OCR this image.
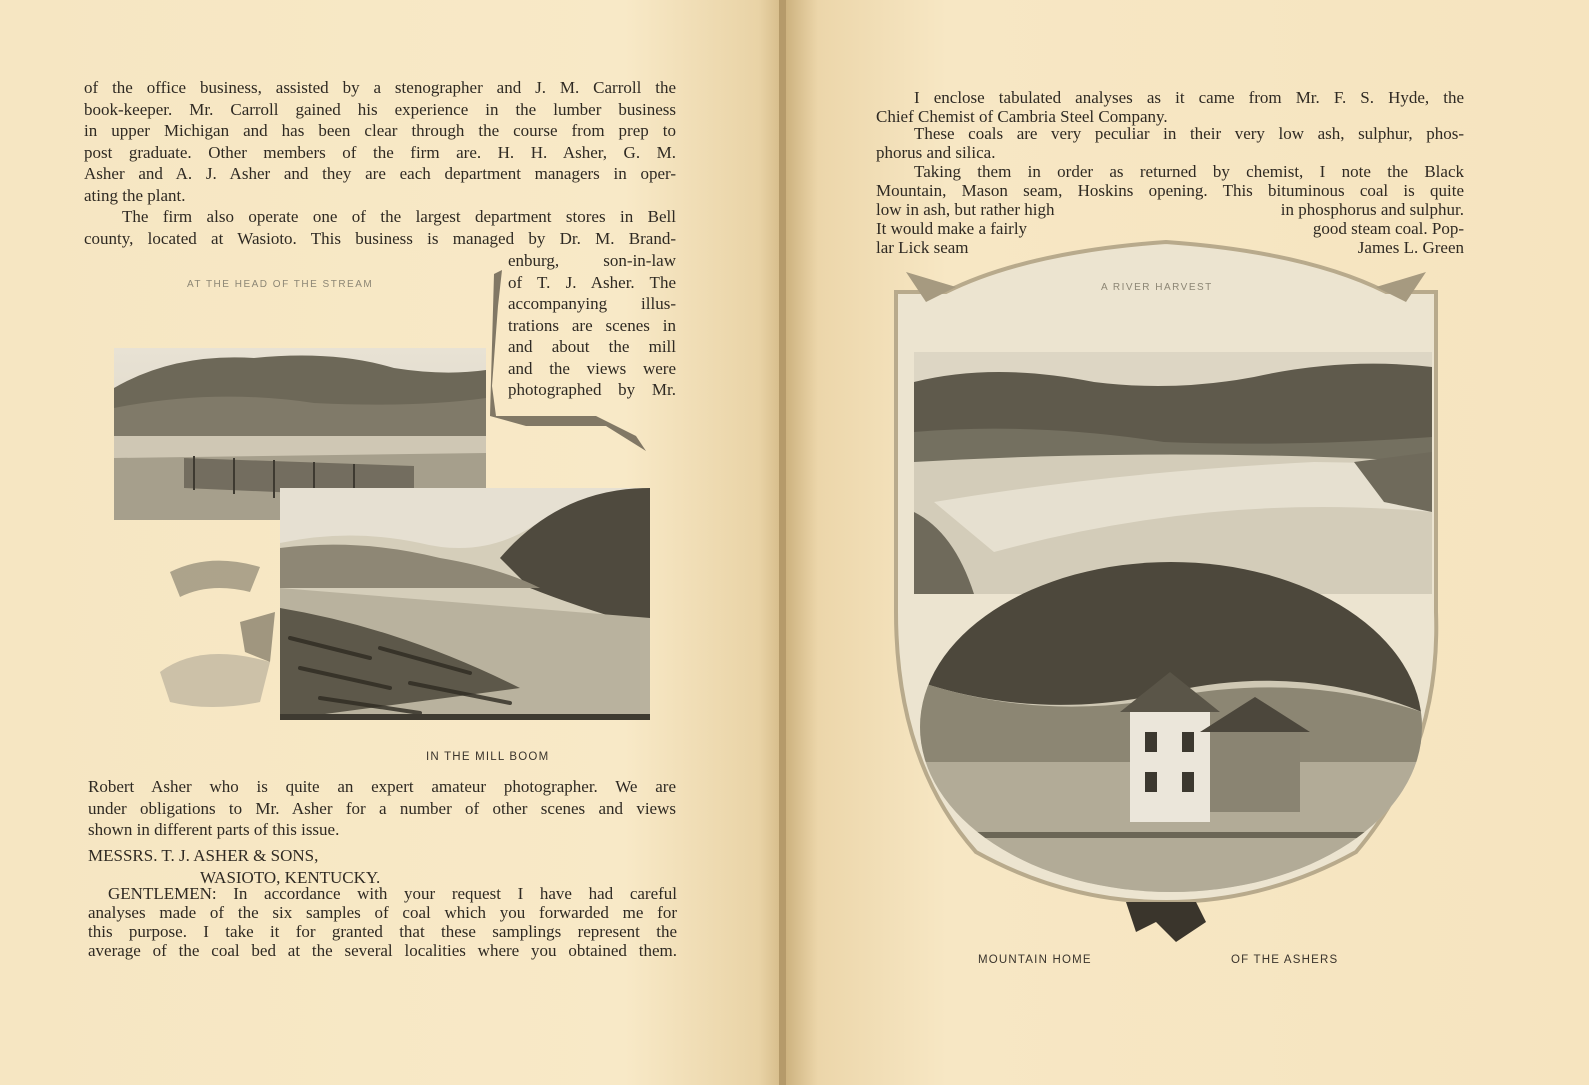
of the office business, assisted by a stenographer and J. M. Carroll the
book-keeper. Mr. Carroll gained his experience in the lumber business
in upper Michigan and has been clear through the course from prep to
post graduate. Other members of the firm are. H. H. Asher, G. M.
Asher and A. J. Asher and they are each department managers in oper-
ating the plant.
The firm also operate one of the largest department stores in Bell
county, located at Wasioto. This business is managed by Dr. M. Brand-
enburg, son-in-law
of T. J. Asher. The
accompanying illus-
trations are scenes in
and about the mill
and the views were
photographed by Mr.
AT THE HEAD OF THE STREAM
IN THE MILL BOOM
Robert Asher who is quite an expert amateur photographer. We are
under obligations to Mr. Asher for a number of other scenes and views
shown in different parts of this issue.
MESSRS. T. J. ASHER & SONS,
WASIOTO, KENTUCKY.
GENTLEMEN: In accordance with your request I have had careful
analyses made of the six samples of coal which you forwarded me for
this purpose. I take it for granted that these samplings represent the
average of the coal bed at the several localities where you obtained them.
I enclose tabulated analyses as it came from Mr. F. S. Hyde, the
Chief Chemist of Cambria Steel Company.
These coals are very peculiar in their very low ash, sulphur, phos-
phorus and silica.
Taking them in order as returned by chemist, I note the Black
Mountain, Mason seam, Hoskins opening. This bituminous coal is quite
low in ash, but rather high
It would make a fairly
lar Lick seam
in phosphorus and sulphur.
good steam coal. Pop-
James L. Green
A RIVER HARVEST
MOUNTAIN HOME	OF THE ASHERS
